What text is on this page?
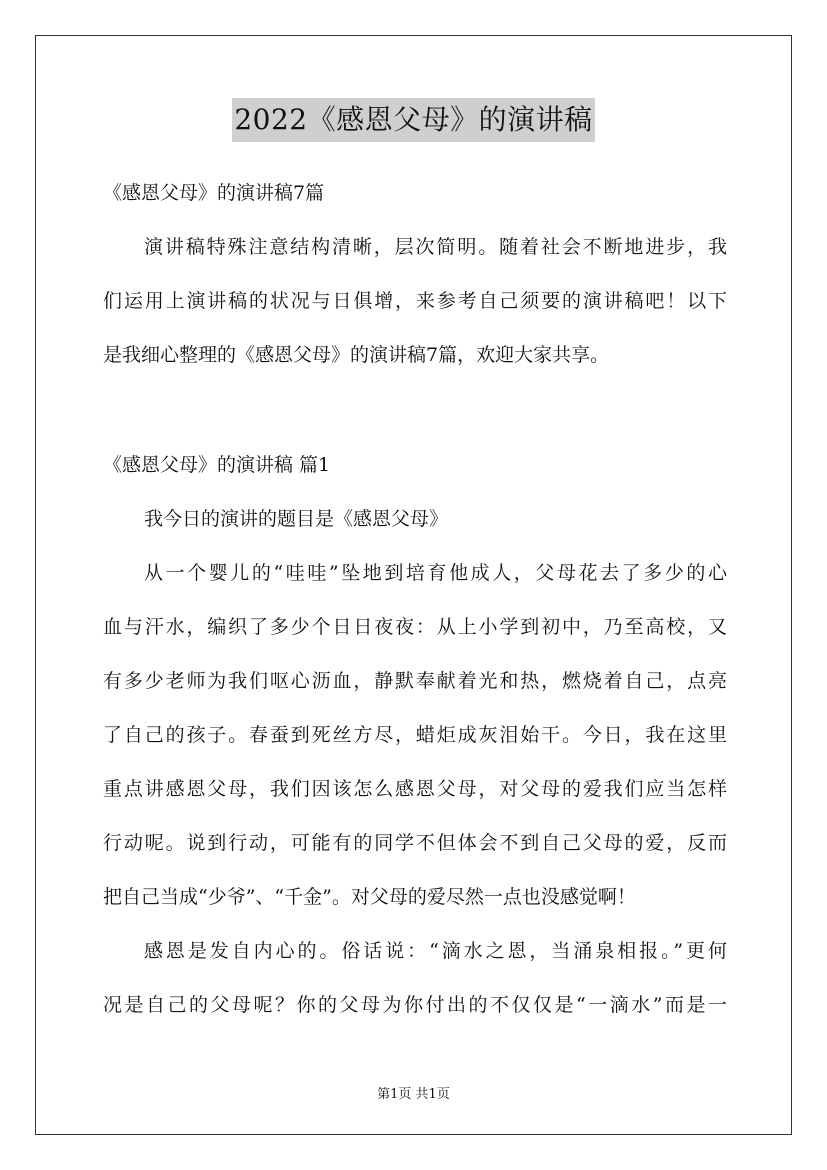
2022《感恩父母》的演讲稿
《感恩父母》的演讲稿7篇
演讲稿特殊注意结构清晰，层次简明。随着社会不断地进步，我
们运用上演讲稿的状况与日俱增，来参考自己须要的演讲稿吧！以下
是我细心整理的《感恩父母》的演讲稿7篇，欢迎大家共享。
《感恩父母》的演讲稿 篇1
我今日的演讲的题目是《感恩父母》
从一个婴儿的“哇哇”坠地到培育他成人，父母花去了多少的心
血与汗水，编织了多少个日日夜夜：从上小学到初中，乃至高校，又
有多少老师为我们呕心沥血，静默奉献着光和热，燃烧着自己，点亮
了自己的孩子。春蚕到死丝方尽，蜡炬成灰泪始干。今日，我在这里
重点讲感恩父母，我们因该怎么感恩父母，对父母的爱我们应当怎样
行动呢。说到行动，可能有的同学不但体会不到自己父母的爱，反而
把自己当成“少爷”、“千金”。对父母的爱尽然一点也没感觉啊！
感恩是发自内心的。俗话说：“滴水之恩，当涌泉相报。”更何
况是自己的父母呢？你的父母为你付出的不仅仅是“一滴水”而是一
第1页 共1页
